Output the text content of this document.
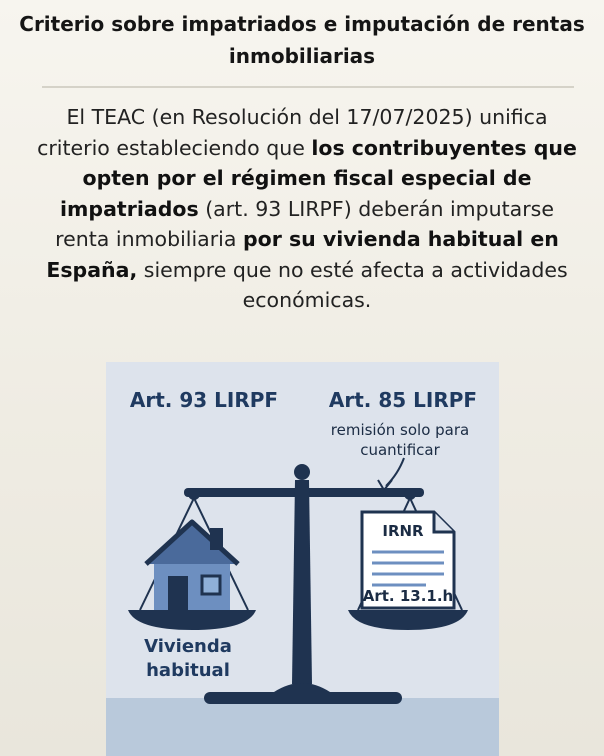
Criterio sobre impatriados e imputación de rentas inmobiliarias
El TEAC (en Resolución del 17/07/2025) unifica criterio estableciendo que los contribuyentes que opten por el régimen fiscal especial de impatriados (art. 93 LIRPF) deberán imputarse renta inmobiliaria por su vivienda habitual en España, siempre que no esté afecta a actividades económicas.
Art. 93 LIRPF	Art. 85 LIRPF
remisión solo para cuantificar
Vivienda habitual
IRNR
Art. 13.1.h
